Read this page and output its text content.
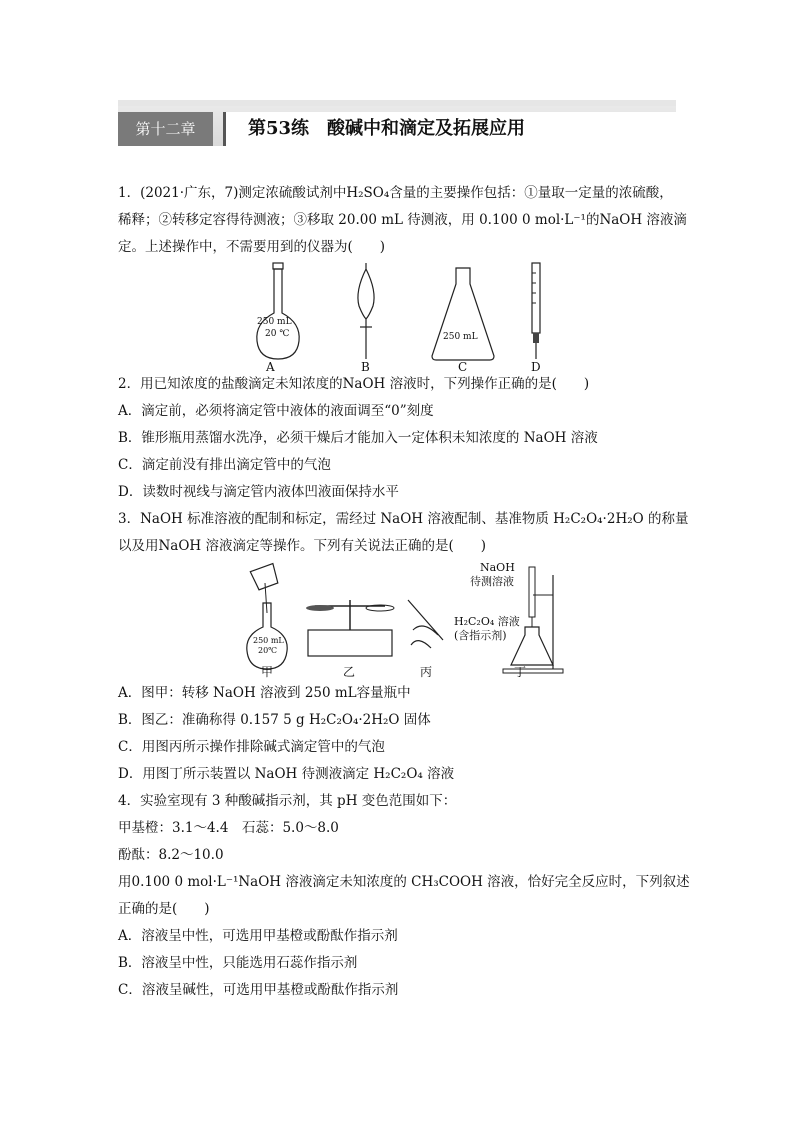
第十二章	第53练　酸碱中和滴定及拓展应用
1．(2021·广东，7)测定浓硫酸试剂中H₂SO₄含量的主要操作包括：①量取一定量的浓硫酸，
稀释；②转移定容得待测液；③移取 20.00 mL 待测液，用 0.100 0 mol·L⁻¹的NaOH 溶液滴
定。上述操作中，不需要用到的仪器为(　　)
250 mL
20 ℃	250 mL
A	B	C	D
2．用已知浓度的盐酸滴定未知浓度的NaOH 溶液时，下列操作正确的是(　　)
A．滴定前，必须将滴定管中液体的液面调至“0”刻度
B．锥形瓶用蒸馏水洗净，必须干燥后才能加入一定体积未知浓度的 NaOH 溶液
C．滴定前没有排出滴定管中的气泡
D．读数时视线与滴定管内液体凹液面保持水平
3．NaOH 标准溶液的配制和标定，需经过 NaOH 溶液配制、基准物质 H₂C₂O₄·2H₂O 的称量
以及用NaOH 溶液滴定等操作。下列有关说法正确的是(　　)
250 mL
20℃
NaOH
待测溶液
H₂C₂O₄ 溶液
(含指示剂)
甲	乙	丙	丁
A．图甲：转移 NaOH 溶液到 250 mL容量瓶中
B．图乙：准确称得 0.157 5 g H₂C₂O₄·2H₂O 固体
C．用图丙所示操作排除碱式滴定管中的气泡
D．用图丁所示装置以 NaOH 待测液滴定 H₂C₂O₄ 溶液
4．实验室现有 3 种酸碱指示剂，其 pH 变色范围如下：
甲基橙：3.1～4.4　石蕊：5.0～8.0
酚酞：8.2～10.0
用0.100 0 mol·L⁻¹NaOH 溶液滴定未知浓度的 CH₃COOH 溶液，恰好完全反应时，下列叙述
正确的是(　　)
A．溶液呈中性，可选用甲基橙或酚酞作指示剂
B．溶液呈中性，只能选用石蕊作指示剂
C．溶液呈碱性，可选用甲基橙或酚酞作指示剂
